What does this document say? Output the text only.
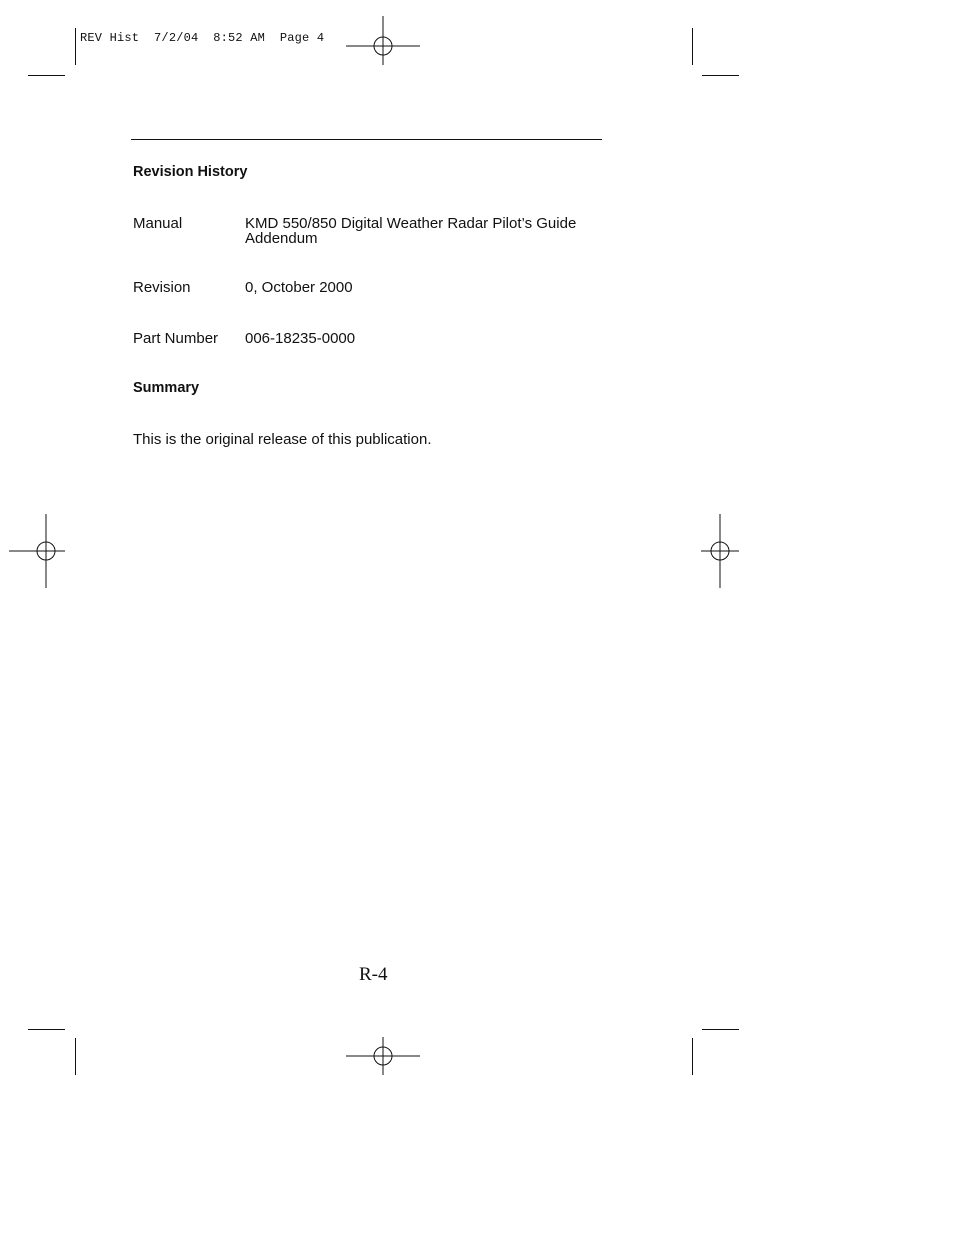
REV Hist  7/2/04  8:52 AM  Page 4
Revision History
Manual	KMD 550/850 Digital Weather Radar Pilot’s Guide Addendum
Revision	0, October 2000
Part Number 006-18235-0000
Summary
This is the original release of this publication.
R-4
